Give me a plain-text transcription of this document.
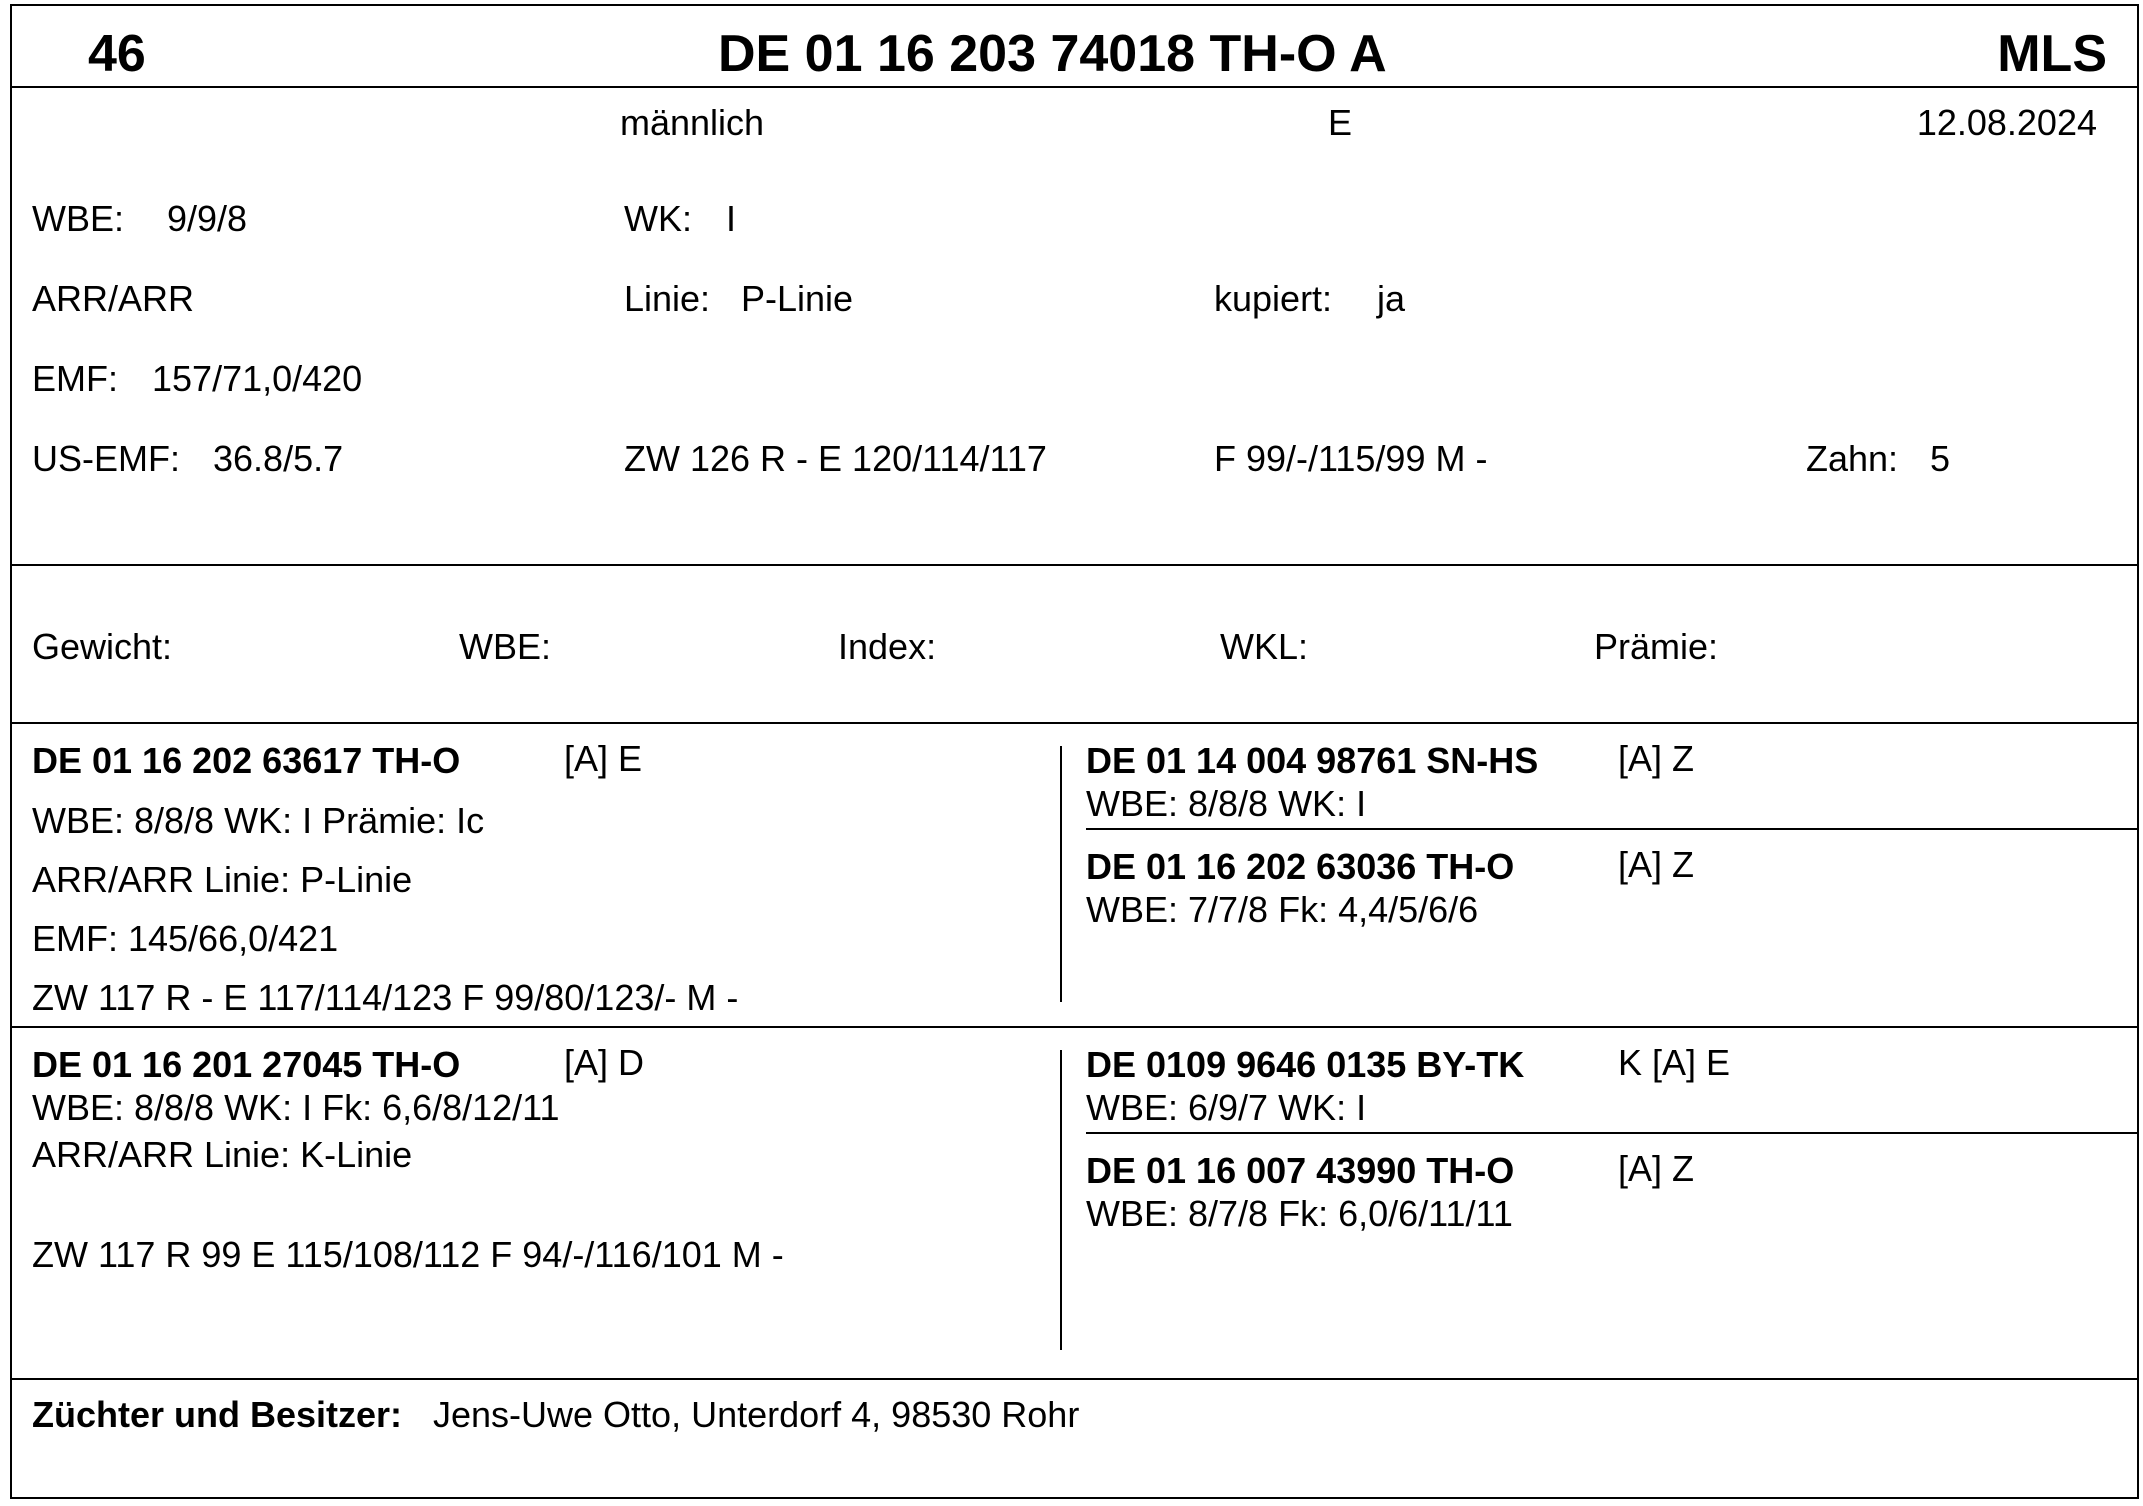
46	DE 01 16 203 74018 TH-O A	MLS
männlich	E	12.08.2024
WBE: 9/9/8	WK: I
ARR/ARR	Linie: P-Linie	kupiert: ja
EMF: 157/71,0/420
US-EMF: 36.8/5.7	ZW 126 R - E 120/114/117	F 99/-/115/99 M -	Zahn: 5
Gewicht:	WBE:	Index:	WKL:	Prämie:
DE 01 16 202 63617 TH-O	[A] E
WBE: 8/8/8 WK: I Prämie: Ic
ARR/ARR Linie: P-Linie
EMF: 145/66,0/421
ZW 117 R - E 117/114/123 F 99/80/123/- M -
DE 01 14 004 98761 SN-HS [A] Z
WBE: 8/8/8 WK: I
DE 01 16 202 63036 TH-O	[A] Z
WBE: 7/7/8 Fk: 4,4/5/6/6
DE 01 16 201 27045 TH-O	[A] D
WBE: 8/8/8 WK: I Fk: 6,6/8/12/11
ARR/ARR Linie: K-Linie
ZW 117 R 99 E 115/108/112 F 94/-/116/101 M -
DE 0109 9646 0135 BY-TK	K [A] E
WBE: 6/9/7 WK: I
DE 01 16 007 43990 TH-O	[A] Z
WBE: 8/7/8 Fk: 6,0/6/11/11
Züchter und Besitzer: Jens-Uwe Otto, Unterdorf 4, 98530 Rohr
